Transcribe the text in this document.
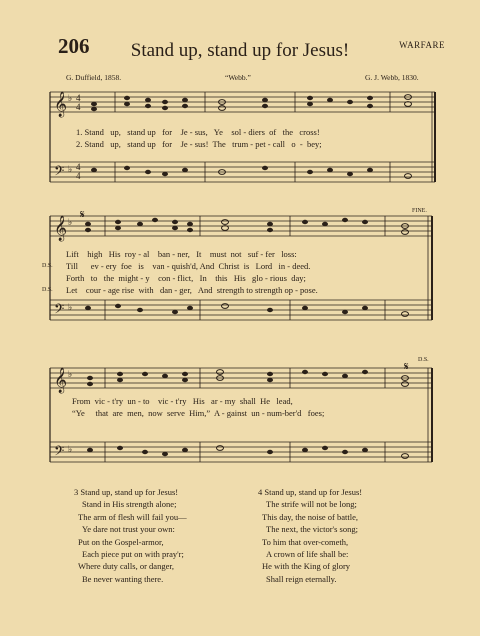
206	Stand up, stand up for Jesus!	WARFARE
G. Duffield, 1858.	“Webb.”	G. J. Webb, 1830.
𝄞
𝄢
♭
♭
4
4
4
4
1. Stand   up,   stand up   for    Je - sus,   Ye    sol - diers  of   the   cross!
2. Stand   up,   stand up   for    Je - sus!  The   trum - pet - call   o  -  bey;
FINE.
𝄞
𝄢
♭
♭
𝄋
Lift    high   His  roy - al    ban - ner,   It    must  not   suf - fer   loss:
D.S. Till      ev - ery  foe   is    van - quish'd, And  Christ  is   Lord   in - deed.
Forth   to   the  might - y    con - flict,   In    this   His   glo - rious  day;
D.S. Let    cour - age rise  with   dan - ger,   And  strength to strength op - pose.
D.S.
𝄞
𝄢
♭
♭
𝄋
From  vic - t'ry  un - to    vic - t'ry   His   ar - my  shall  He   lead,
“Ye     that  are  men,  now  serve  Him,”  A - gainst  un - num-ber'd   foes;
3 Stand up, stand up for Jesus!
Stand in His strength alone;
The arm of flesh will fail you—
Ye dare not trust your own:
Put on the Gospel-armor,
Each piece put on with pray'r;
Where duty calls, or danger,
Be never wanting there.
4 Stand up, stand up for Jesus!
The strife will not be long;
This day, the noise of battle,
The next, the victor's song;
To him that over-cometh,
A crown of life shall be:
He with the King of glory
Shall reign eternally.
